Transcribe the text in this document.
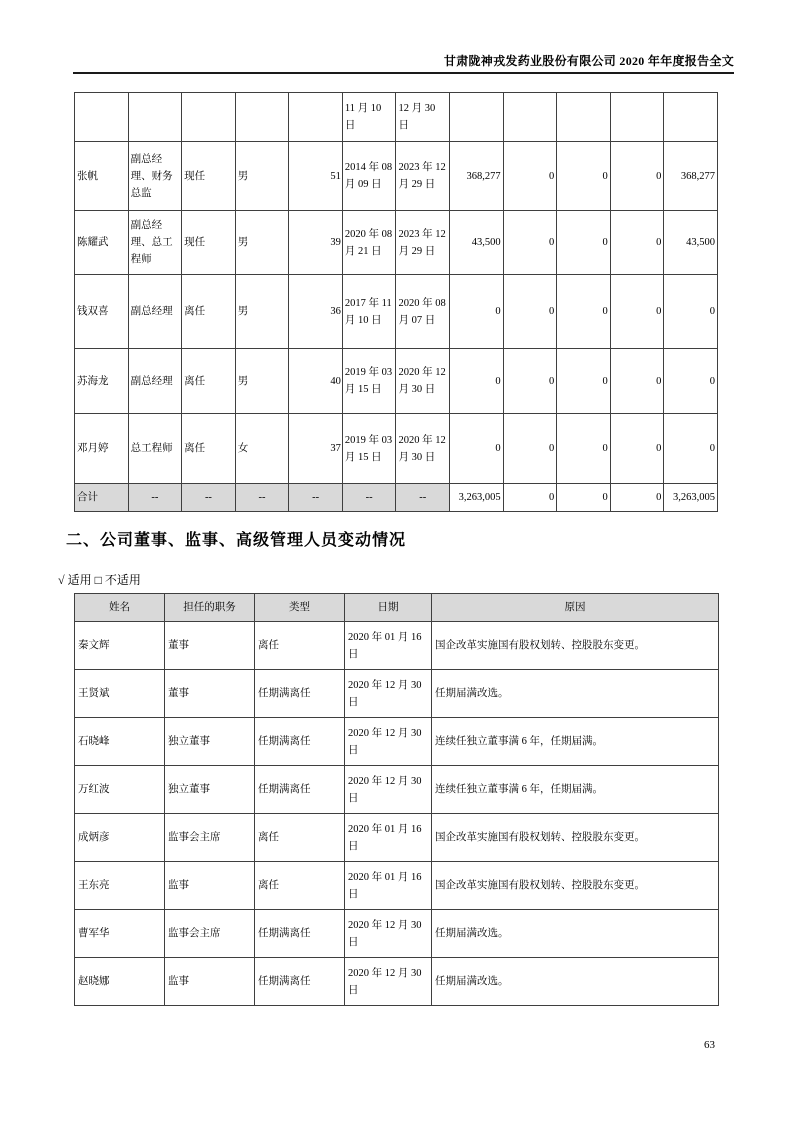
甘肃陇神戎发药业股份有限公司 2020 年年度报告全文
					11 月 10 日	12 月 30 日					
张帆	副总经理、财务总监	现任	男	51	2014 年 08 月 09 日	2023 年 12 月 29 日	368,277	0	0	0	368,277
陈耀武	副总经理、总工程师	现任	男	39	2020 年 08 月 21 日	2023 年 12 月 29 日	43,500	0	0	0	43,500
钱双喜	副总经理	离任	男	36	2017 年 11 月 10 日	2020 年 08 月 07 日	0	0	0	0	0
苏海龙	副总经理	离任	男	40	2019 年 03 月 15 日	2020 年 12 月 30 日	0	0	0	0	0
邓月婷	总工程师	离任	女	37	2019 年 03 月 15 日	2020 年 12 月 30 日	0	0	0	0	0
合计	--	--	--	--	--	--	3,263,005	0	0	0	3,263,005
二、公司董事、监事、高级管理人员变动情况
√ 适用 □ 不适用
姓名	担任的职务	类型	日期	原因
秦文辉	董事	离任	2020 年 01 月 16 日	国企改革实施国有股权划转、控股股东变更。
王贤斌	董事	任期满离任	2020 年 12 月 30 日	任期届满改选。
石晓峰	独立董事	任期满离任	2020 年 12 月 30 日	连续任独立董事满 6 年，任期届满。
万红波	独立董事	任期满离任	2020 年 12 月 30 日	连续任独立董事满 6 年，任期届满。
成炳彦	监事会主席	离任	2020 年 01 月 16 日	国企改革实施国有股权划转、控股股东变更。
王东亮	监事	离任	2020 年 01 月 16 日	国企改革实施国有股权划转、控股股东变更。
曹军华	监事会主席	任期满离任	2020 年 12 月 30 日	任期届满改选。
赵晓娜	监事	任期满离任	2020 年 12 月 30 日	任期届满改选。
63
